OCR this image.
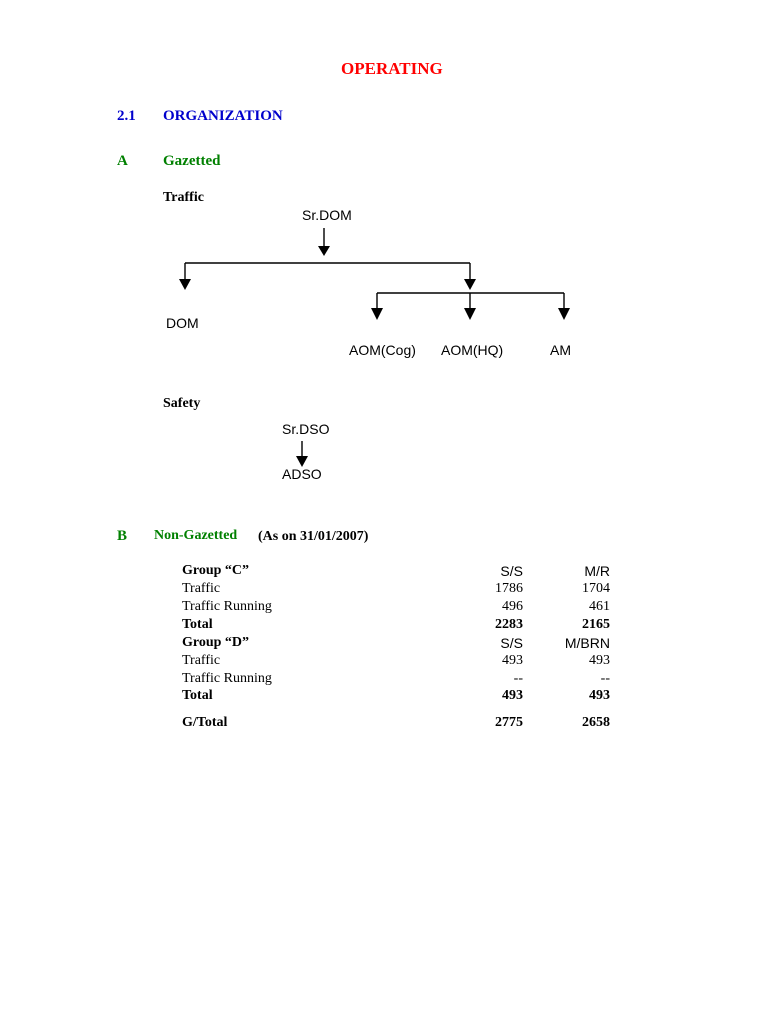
OPERATING
2.1 ORGANIZATION
A Gazetted
Traffic
Sr.DOM
DOM
AOM(Cog) AOM(HQ)	AM
Safety
Sr.DSO
ADSO
B Non-Gazetted (As on 31/01/2007)
Group “C”	S/S	M/R
Traffic	1786	1704
Traffic Running	496	461
Total	2283	2165
Group “D”	S/S	M/BRN
Traffic	493	493
Traffic Running	--	--
Total	493	493
G/Total	2775	2658
